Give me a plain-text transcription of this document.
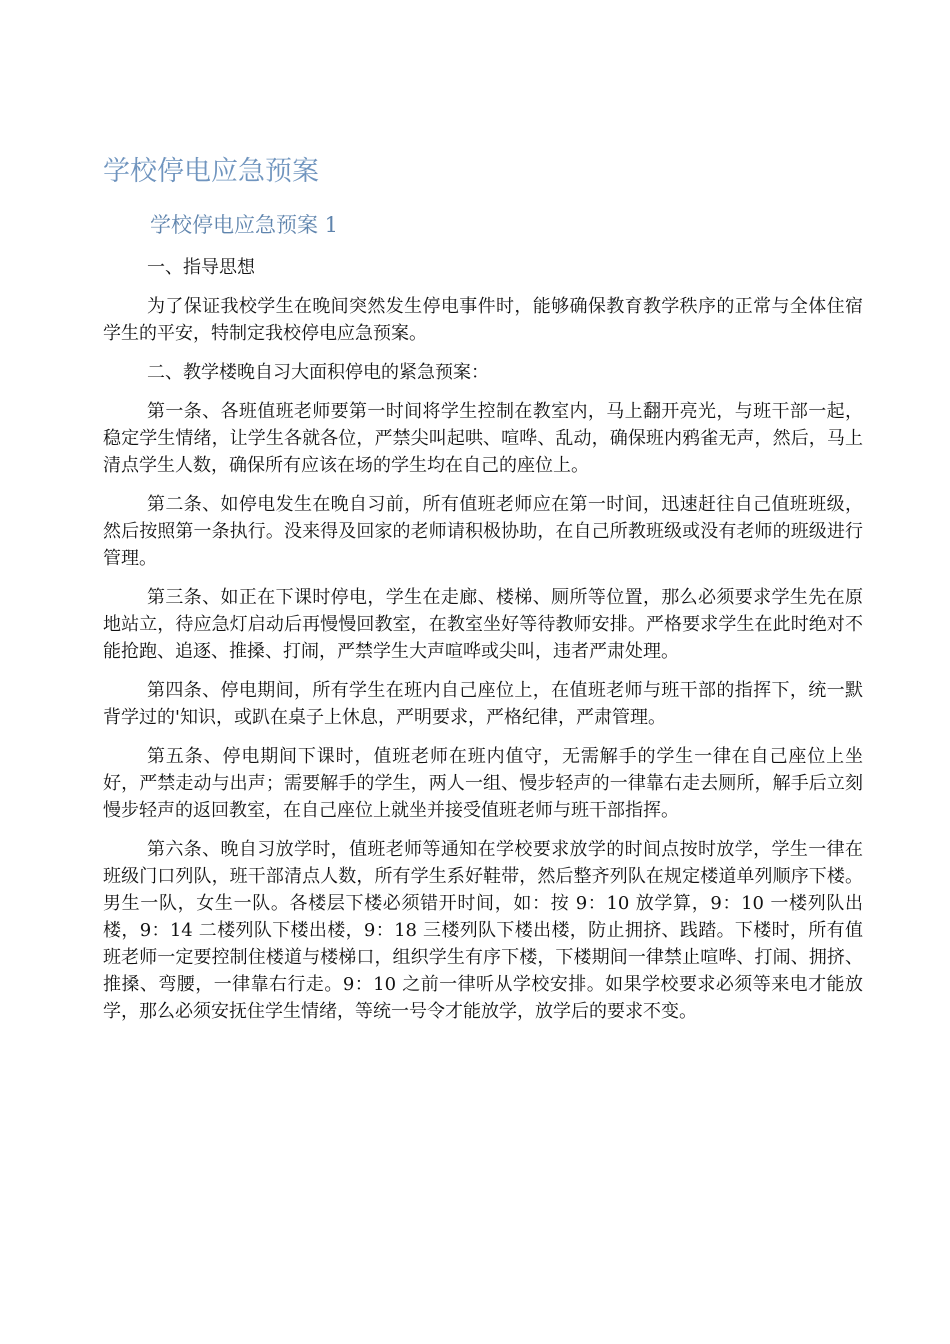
学校停电应急预案
学校停电应急预案 1

一、指导思想

为了保证我校学生在晚间突然发生停电事件时，能够确保教育教学秩序的正常与全体住宿学生的平安，特制定我校停电应急预案。

二、教学楼晚自习大面积停电的紧急预案：

第一条、各班值班老师要第一时间将学生控制在教室内，马上翻开亮光，与班干部一起，稳定学生情绪，让学生各就各位，严禁尖叫起哄、喧哗、乱动，确保班内鸦雀无声，然后，马上清点学生人数，确保所有应该在场的学生均在自己的座位上。

第二条、如停电发生在晚自习前，所有值班老师应在第一时间，迅速赶往自己值班班级，然后按照第一条执行。没来得及回家的老师请积极协助，在自己所教班级或没有老师的班级进行管理。

第三条、如正在下课时停电，学生在走廊、楼梯、厕所等位置，那么必须要求学生先在原地站立，待应急灯启动后再慢慢回教室，在教室坐好等待教师安排。严格要求学生在此时绝对不能抢跑、追逐、推搡、打闹，严禁学生大声喧哗或尖叫，违者严肃处理。

第四条、停电期间，所有学生在班内自己座位上，在值班老师与班干部的指挥下，统一默背学过的'知识，或趴在桌子上休息，严明要求，严格纪律，严肃管理。

第五条、停电期间下课时，值班老师在班内值守，无需解手的学生一律在自己座位上坐好，严禁走动与出声；需要解手的学生，两人一组、慢步轻声的一律靠右走去厕所，解手后立刻慢步轻声的返回教室，在自己座位上就坐并接受值班老师与班干部指挥。

第六条、晚自习放学时，值班老师等通知在学校要求放学的时间点按时放学，学生一律在班级门口列队，班干部清点人数，所有学生系好鞋带，然后整齐列队在规定楼道单列顺序下楼。男生一队，女生一队。各楼层下楼必须错开时间，如：按 9：10 放学算，9：10 一楼列队出楼，9：14 二楼列队下楼出楼，9：18 三楼列队下楼出楼，防止拥挤、践踏。下楼时，所有值班老师一定要控制住楼道与楼梯口，组织学生有序下楼，下楼期间一律禁止喧哗、打闹、拥挤、推搡、弯腰，一律靠右行走。9：10 之前一律听从学校安排。如果学校要求必须等来电才能放学，那么必须安抚住学生情绪，等统一号令才能放学，放学后的要求不变。
